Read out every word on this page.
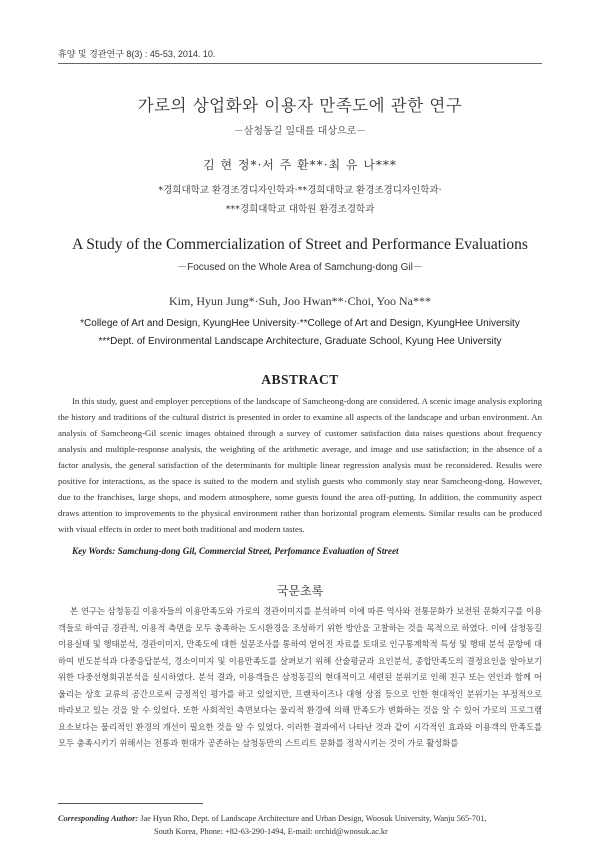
휴양 및 경관연구 8(3) : 45-53, 2014. 10.
가로의 상업화와 이용자 만족도에 관한 연구
－삼청동길 일대를 대상으로－
김 현 정*·서 주 환**·최 유 나***
*경희대학교 환경조경디자인학과·**경희대학교 환경조경디자인학과·
***경희대학교 대학원 환경조경학과
A Study of the Commercialization of Street and Performance Evaluations
－Focused on the Whole Area of Samchung-dong Gil－
Kim, Hyun Jung*·Suh, Joo Hwan**·Choi, Yoo Na***
*College of Art and Design, KyungHee University·**College of Art and Design, KyungHee University
***Dept. of Environmental Landscape Architecture, Graduate School, Kyung Hee University
ABSTRACT

In this study, guest and employer perceptions of the landscape of Samcheong-dong are considered. A scenic image analysis exploring the history and traditions of the cultural district is presented in order to examine all aspects of the landscape and urban environment. An analysis of Samcheong-Gil scenic images obtained through a survey of customer satisfaction data raises questions about frequency analysis and multiple-response analysis, the weighting of the arithmetic average, and image and use satisfaction; in the absence of a factor analysis, the general satisfaction of the determinants for multiple linear regression analysis must be reconsidered. Results were positive for interactions, as the space is suited to the modern and stylish guests who commonly stay near Samcheong-dong. However, due to the franchises, large shops, and modern atmosphere, some guests found the area off-putting. In addition, the community aspect draws attention to improvements to the physical environment rather than horizontal program elements. Similar results can be produced with visual effects in order to meet both traditional and modern tastes.

Key Words: Samchung-dong Gil, Commercial Street, Perfomance Evaluation of Street
국문초록

본 연구는 삼청동길 이용자들의 이용만족도와 가로의 경관이미지를 분석하여 이에 따른 역사와 전통문화가 보전된 문화지구를 이용객들로 하여금 경관적, 이용적 측면을 모두 충족하는 도시환경을 조성하기 위한 방안을 고찰하는 것을 목적으로 하였다. 이에 삼청동길 이용실태 및 행태분석, 경관이미지, 만족도에 대한 설문조사를 통하여 얻어진 자료를 토대로 인구통계학적 특성 및 행태 분석 문항에 대하여 빈도분석과 다중응답분석, 경소이미지 및 이용만족도를 살펴보기 위해 산술평균과 요인분석, 종합만족도의 결정요인을 알아보기 위한 다중선형회귀분석을 실시하였다. 분석 결과, 이용객들은 삼청동길의 현대적이고 세련된 분위기로 인해 친구 또는 연인과 함께 어울리는 상호 교류의 공간으로써 긍정적인 평가를 하고 있었지만, 프랜차이즈나 대형 상점 등으로 인한 현대적인 분위기는 부정적으로 바라보고 있는 것을 알 수 있었다. 또한 사회적인 측면보다는 물리적 환경에 의해 만족도가 변화하는 것을 알 수 있어 가로의 프로그램 요소보다는 물리적인 환경의 개선이 필요한 것을 알 수 있었다. 이러한 결과에서 나타난 것과 같이 시각적인 효과와 이용객의 만족도를 모두 충족시키기 위해서는 전통과 현대가 공존하는 삼청동만의 스트리트 문화를 정착시키는 것이 가로 활성화를

Corresponding Author: Jae Hyun Rho, Dept. of Landscape Architecture and Urban Design, Woosuk University, Wanju 565-701,
South Korea, Phone: +82-63-290-1494, E-mail: orchid@woosuk.ac.kr
